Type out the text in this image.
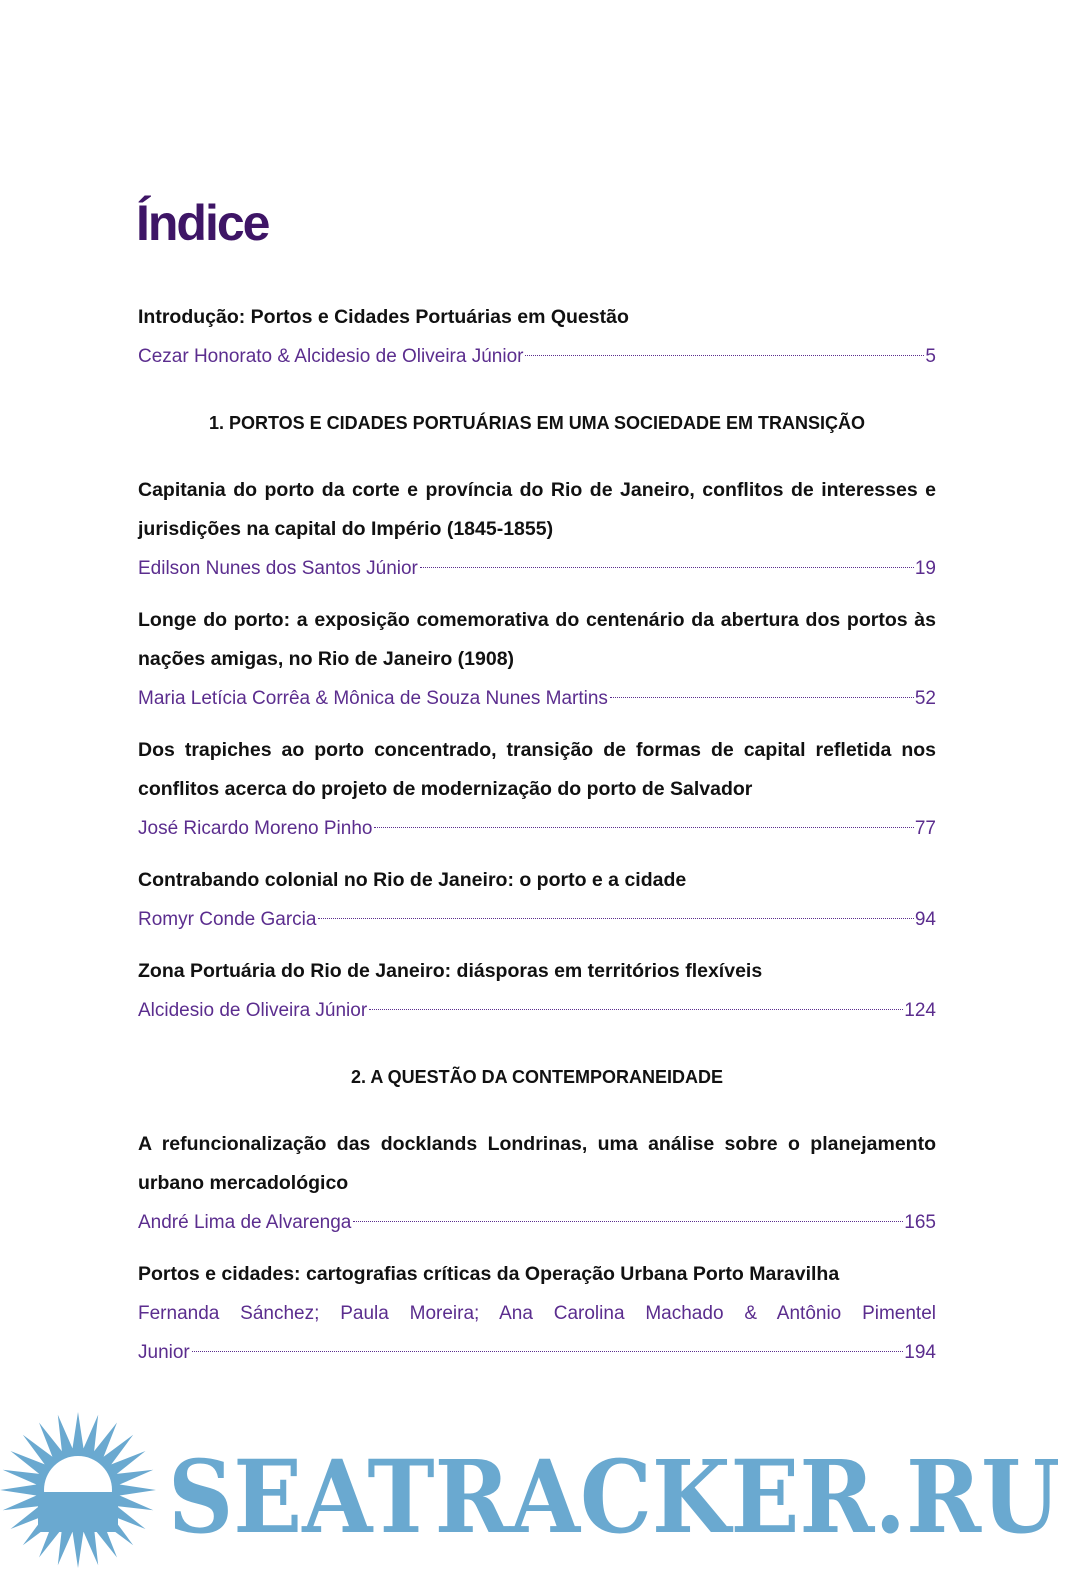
Índice
Introdução: Portos e Cidades Portuárias em Questão
Cezar Honorato & Alcidesio de Oliveira Júnior	5
1. PORTOS E CIDADES PORTUÁRIAS EM UMA SOCIEDADE EM TRANSIÇÃO
Capitania do porto da corte e província do Rio de Janeiro, conflitos de interesses e jurisdições na capital do Império (1845-1855)
Edilson Nunes dos Santos Júnior	19
Longe do porto: a exposição comemorativa do centenário da abertura dos portos às nações amigas, no Rio de Janeiro (1908)
Maria Letícia Corrêa & Mônica de Souza Nunes Martins	52
Dos trapiches ao porto concentrado, transição de formas de capital refletida nos conflitos acerca do projeto de modernização do porto de Salvador
José Ricardo Moreno Pinho	77
Contrabando colonial no Rio de Janeiro: o porto e a cidade
Romyr Conde Garcia	94
Zona Portuária do Rio de Janeiro: diásporas em territórios flexíveis
Alcidesio de Oliveira Júnior	124
2. A QUESTÃO DA CONTEMPORANEIDADE
A refuncionalização das docklands Londrinas, uma análise sobre o planejamento urbano mercadológico
André Lima de Alvarenga	165
Portos e cidades: cartografias críticas da Operação Urbana Porto Maravilha
Fernanda Sánchez; Paula Moreira; Ana Carolina Machado & Antônio Pimentel
Junior	194
SEATRACKER.RU
